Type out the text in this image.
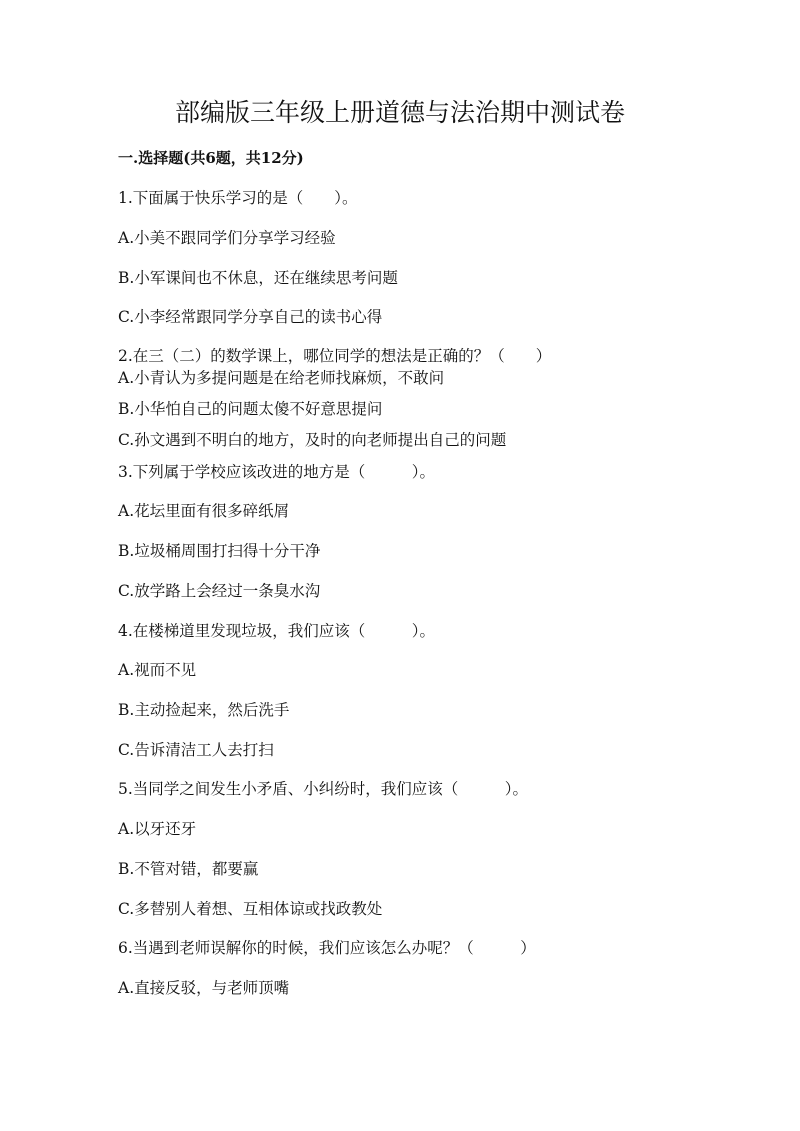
部编版三年级上册道德与法治期中测试卷
一.选择题(共6题，共12分)
1.下面属于快乐学习的是（　　）。
A.小美不跟同学们分享学习经验
B.小军课间也不休息，还在继续思考问题
C.小李经常跟同学分享自己的读书心得
2.在三（二）的数学课上，哪位同学的想法是正确的？（　　）
A.小青认为多提问题是在给老师找麻烦，不敢问
B.小华怕自己的问题太傻不好意思提问
C.孙文遇到不明白的地方，及时的向老师提出自己的问题
3.下列属于学校应该改进的地方是（　　　）。
A.花坛里面有很多碎纸屑
B.垃圾桶周围打扫得十分干净
C.放学路上会经过一条臭水沟
4.在楼梯道里发现垃圾，我们应该（　　　）。
A.视而不见
B.主动捡起来，然后洗手
C.告诉清洁工人去打扫
5.当同学之间发生小矛盾、小纠纷时，我们应该（　　　）。
A.以牙还牙
B.不管对错，都要赢
C.多替别人着想、互相体谅或找政教处
6.当遇到老师误解你的时候，我们应该怎么办呢？（　　　）
A.直接反驳，与老师顶嘴
